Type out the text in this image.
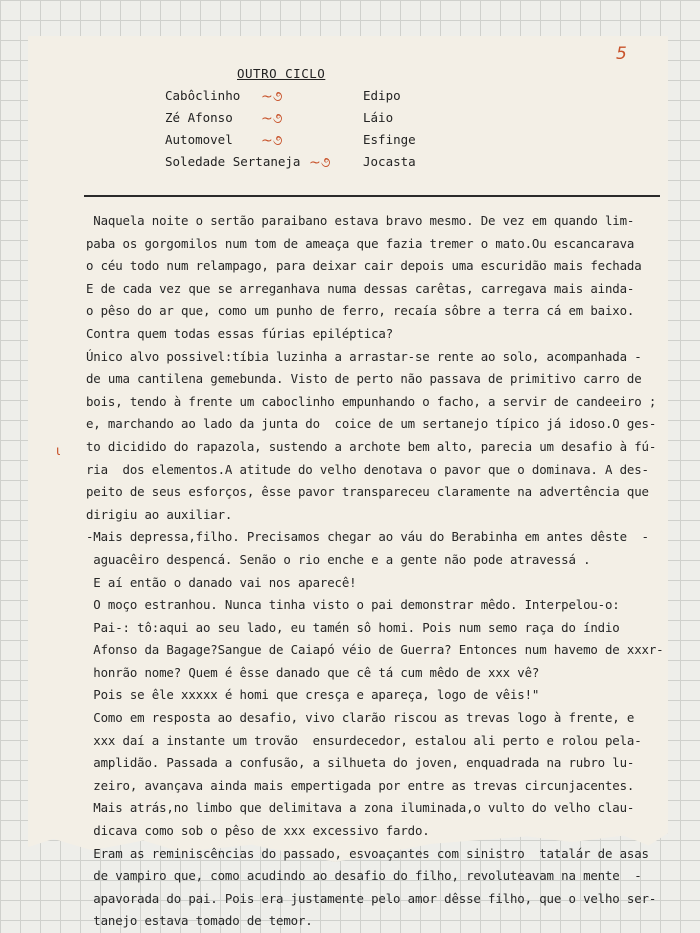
5
OUTRO CICLO
Cabôclinho ~૭	Edipo
Zé Afonso ~૭	Láio
Automovel ~૭	Esfinge
Soledade Sertaneja ~૭	Jocasta
Naquela noite o sertão paraibano estava bravo mesmo. De vez em quando lim-
paba os gorgomilos num tom de ameaça que fazia tremer o mato.Ou escancarava
o céu todo num relampago, para deixar cair depois uma escuridão mais fechada
E de cada vez que se arreganhava numa dessas carêtas, carregava mais ainda-
o pêso do ar que, como um punho de ferro, recaía sôbre a terra cá em baixo.
Contra quem todas essas fúrias epiléptica?
Único alvo possivel:tíbia luzinha a arrastar-se rente ao solo, acompanhada -
de uma cantilena gemebunda. Visto de perto não passava de primitivo carro de
bois, tendo à frente um caboclinho empunhando o facho, a servir de candeeiro ;
e, marchando ao lado da junta do  coice de um sertanejo típico já idoso.O ges-
to dicidido do rapazola, sustendo a archote bem alto, parecia um desafio à fú-
ria  dos elementos.A atitude do velho denotava o pavor que o dominava. A des-
peito de seus esforços, êsse pavor transpareceu claramente na advertência que
dirigiu ao auxiliar.
-Mais depressa,filho. Precisamos chegar ao váu do Berabinha em antes dêste  -
aguacêiro despencá. Senão o rio enche e a gente não pode atravessá .
E aí então o danado vai nos aparecê!
O moço estranhou. Nunca tinha visto o pai demonstrar mêdo. Interpelou-o:
Pai-: tô:aqui ao seu lado, eu tamén sô homi. Pois num semo raça do índio
Afonso da Bagage?Sangue de Caiapó véio de Guerra? Entonces num havemo de xxxr-
honrão nome? Quem é êsse danado que cê tá cum mêdo de xxx vê?
Pois se êle xxxxx é homi que cresça e apareça, logo de vêis!"
Como em resposta ao desafio, vivo clarão riscou as trevas logo à frente, e
xxx daí a instante um trovão  ensurdecedor, estalou ali perto e rolou pela-
amplidão. Passada a confusão, a silhueta do joven, enquadrada na rubro lu-
zeiro, avançava ainda mais empertigada por entre as trevas circunjacentes.
Mais atrás,no limbo que delimitava a zona iluminada,o vulto do velho clau-
dicava como sob o pêso de xxx excessivo fardo.
Eram as reminiscências do passado, esvoaçantes com sinistro  tatalár de asas
de vampiro que, como acudindo ao desafio do filho, revoluteavam na mente  -
apavorada do pai. Pois era justamente pelo amor dêsse filho, que o velho ser-
tanejo estava tomado de temor.
ɩ
